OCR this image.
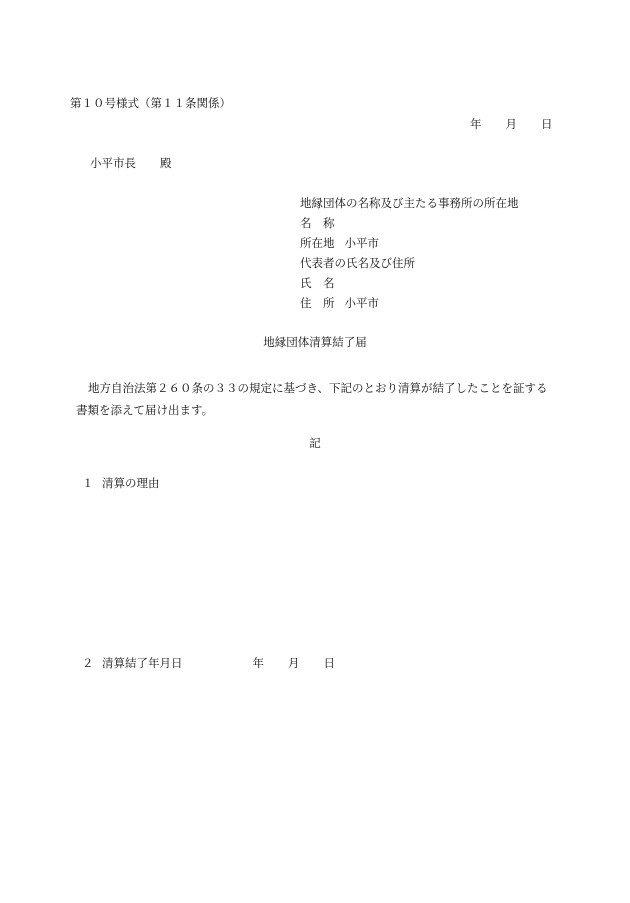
第１０号様式（第１１条関係）
年 月 日
小平市長 殿
地縁団体の名称及び主たる事務所の所在地
名　称
所在地 小平市
代表者の氏名及び住所
氏　名
住　所 小平市
地縁団体清算結了届
地方自治法第２６０条の３３の規定に基づき、下記のとおり清算が結了したことを証する書類を添えて届け出ます。
記
１ 清算の理由
２ 清算結了年月日	年 月 日
